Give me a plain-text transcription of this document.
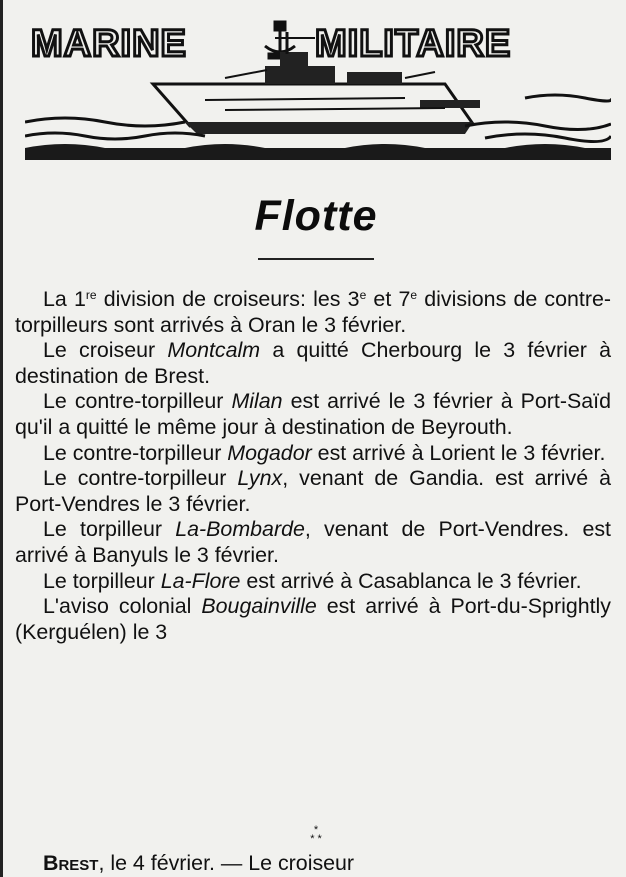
MARINE	MILITAIRE
Flotte

La 1re division de croiseurs: les 3e et 7e divisions de contre-torpilleurs sont arrivés à Oran le 3 février.

Le croiseur Montcalm a quitté Cherbourg le 3 février à destination de Brest.

Le contre-torpilleur Milan est arrivé le 3 février à Port-Saïd qu'il a quitté le même jour à destination de Beyrouth.

Le contre-torpilleur Mogador est arrivé à Lorient le 3 février.

Le contre-torpilleur Lynx, venant de Gandia. est arrivé à Port-Vendres le 3 février.

Le torpilleur La-Bombarde, venant de Port-Vendres. est arrivé à Banyuls le 3 février.

Le torpilleur La-Flore est arrivé à Casablanca le 3 février.

L'aviso colonial Bougainville est arrivé à Port-du-Sprightly (Kerguélen) le 3

*
* *
Brest, le 4 février. — Le croiseur
